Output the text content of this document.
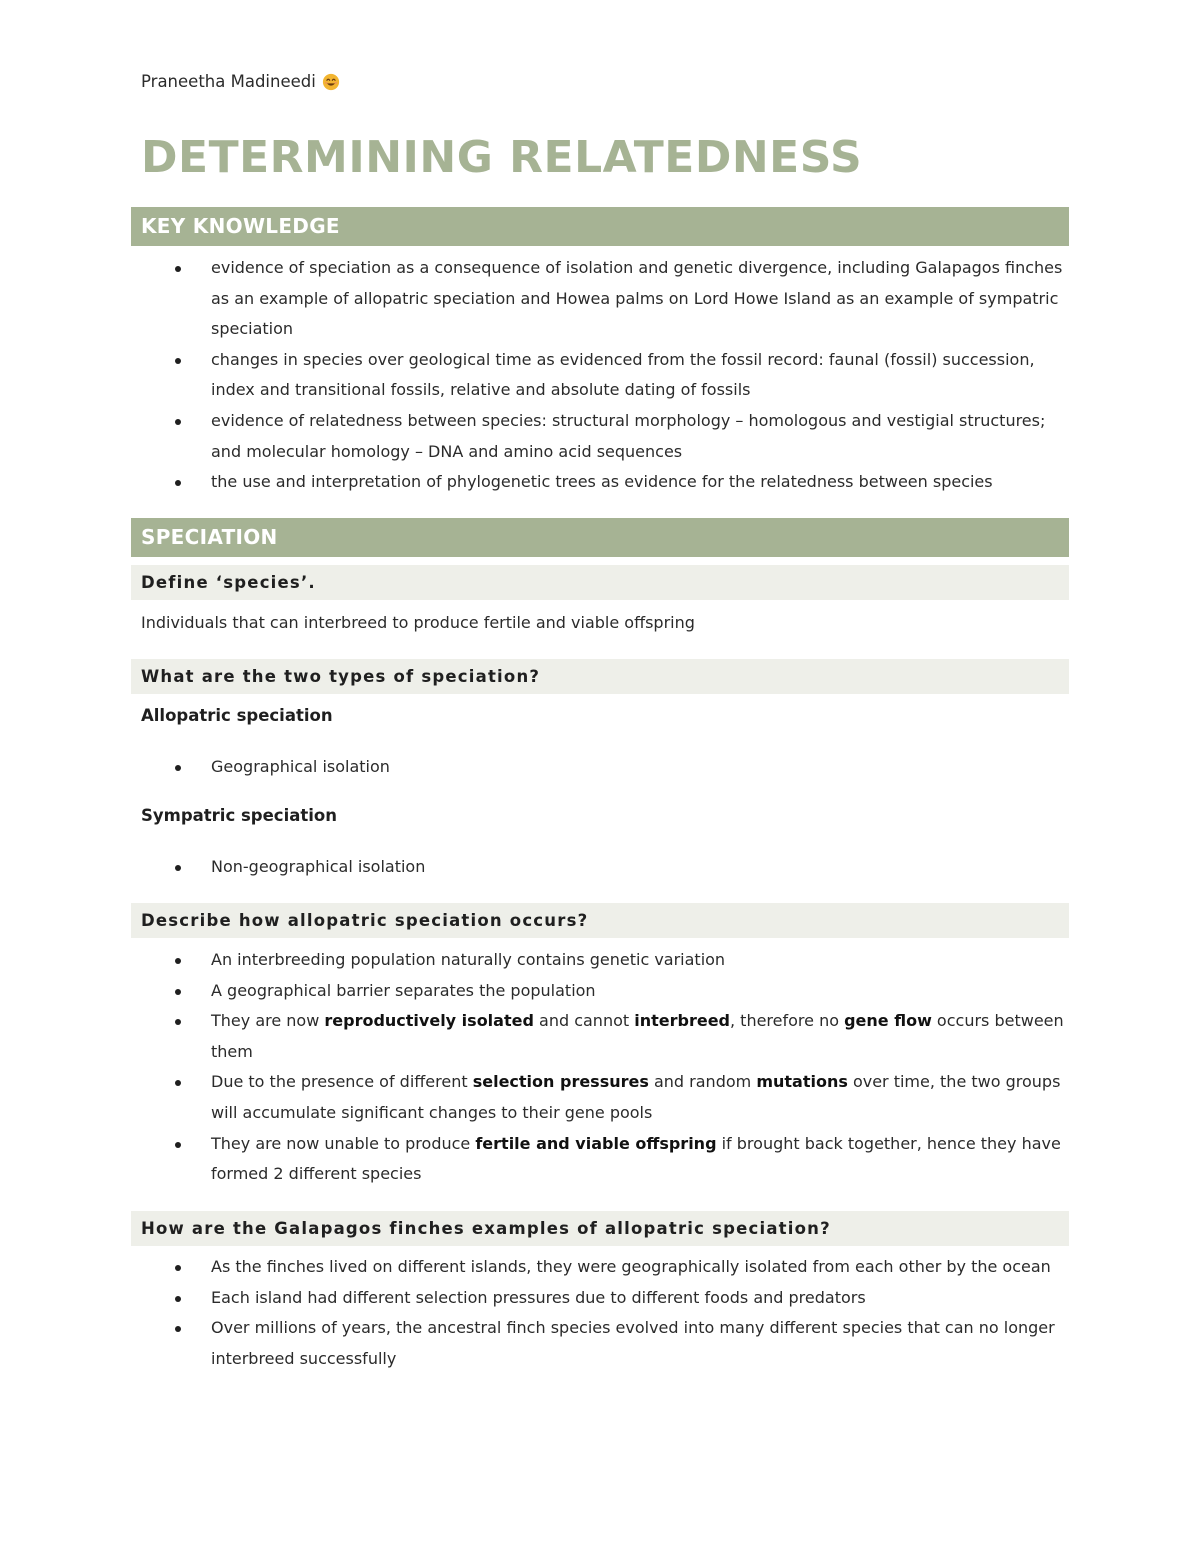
Praneetha Madineedi
DETERMINING RELATEDNESS
KEY KNOWLEDGE
evidence of speciation as a consequence of isolation and genetic divergence, including Galapagos finches as an example of allopatric speciation and Howea palms on Lord Howe Island as an example of sympatric speciation
changes in species over geological time as evidenced from the fossil record: faunal (fossil) succession, index and transitional fossils, relative and absolute dating of fossils
evidence of relatedness between species: structural morphology – homologous and vestigial structures; and molecular homology – DNA and amino acid sequences
the use and interpretation of phylogenetic trees as evidence for the relatedness between species
SPECIATION
Define ‘species’.
Individuals that can interbreed to produce fertile and viable offspring
What are the two types of speciation?
Allopatric speciation
Geographical isolation
Sympatric speciation
Non-geographical isolation
Describe how allopatric speciation occurs?
An interbreeding population naturally contains genetic variation
A geographical barrier separates the population
They are now reproductively isolated and cannot interbreed, therefore no gene flow occurs between them
Due to the presence of different selection pressures and random mutations over time, the two groups will accumulate significant changes to their gene pools
They are now unable to produce fertile and viable offspring if brought back together, hence they have formed 2 different species
How are the Galapagos finches examples of allopatric speciation?
As the finches lived on different islands, they were geographically isolated from each other by the ocean
Each island had different selection pressures due to different foods and predators
Over millions of years, the ancestral finch species evolved into many different species that can no longer interbreed successfully
